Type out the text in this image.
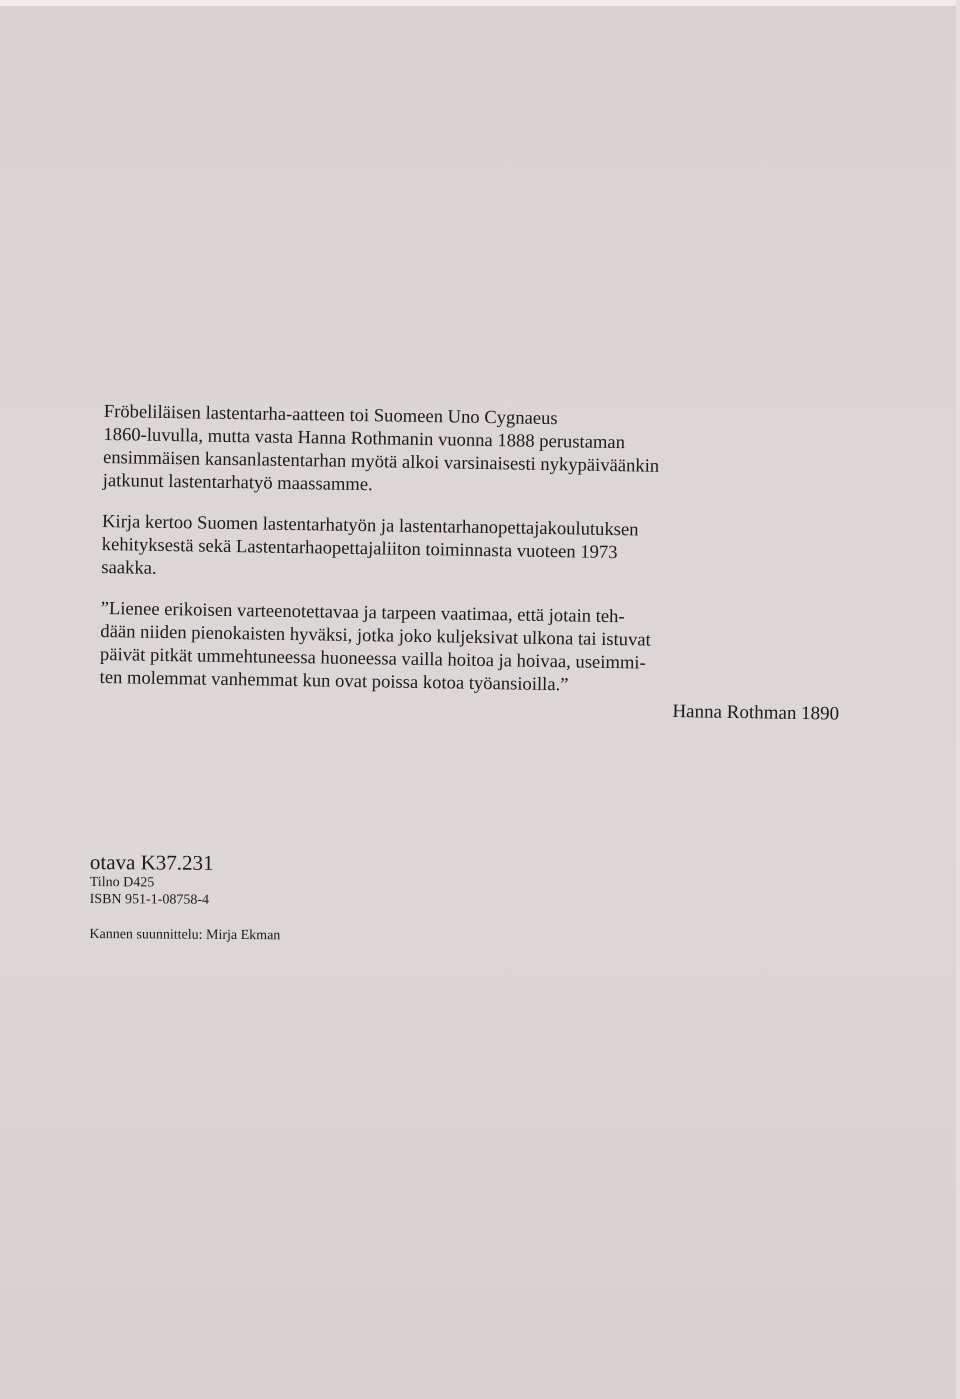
Fröbeliläisen lastentarha-aatteen toi Suomeen Uno Cygnaeus
1860-luvulla, mutta vasta Hanna Rothmanin vuonna 1888 perustaman
ensimmäisen kansanlastentarhan myötä alkoi varsinaisesti nykypäiväänkin
jatkunut lastentarhatyö maassamme.

Kirja kertoo Suomen lastentarhatyön ja lastentarhanopettajakoulutuksen
kehityksestä sekä Lastentarhaopettajaliiton toiminnasta vuoteen 1973
saakka.

”Lienee erikoisen varteenotettavaa ja tarpeen vaatimaa, että jotain teh-
dään niiden pienokaisten hyväksi, jotka joko kuljeksivat ulkona tai istuvat
päivät pitkät ummehtuneessa huoneessa vailla hoitoa ja hoivaa, useimmi-
ten molemmat vanhemmat kun ovat poissa kotoa työansioilla.”

Hanna Rothman 1890
otava K37.231
Tilno D425
ISBN 951-1-08758-4
Kannen suunnittelu: Mirja Ekman
